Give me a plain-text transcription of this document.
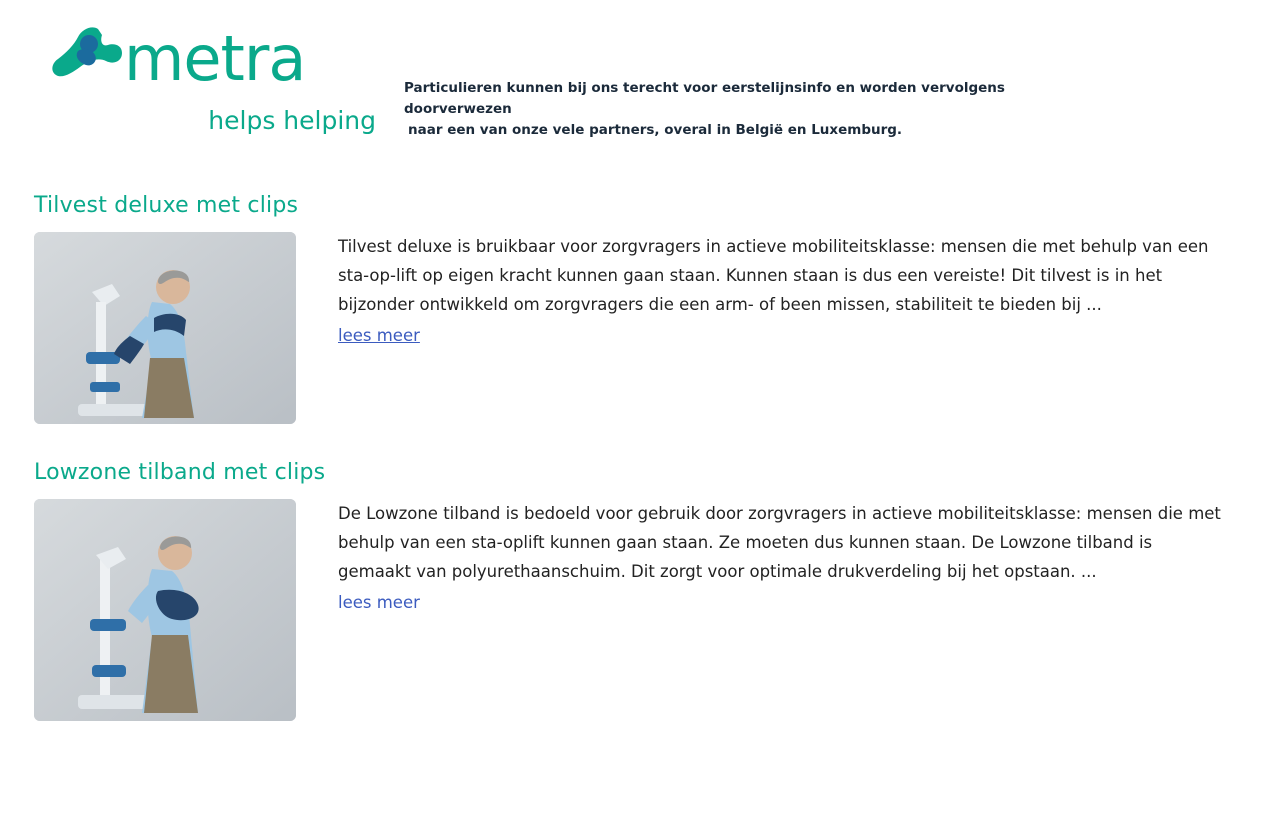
metra
helps helping
Particulieren kunnen bij ons terecht voor eerstelijnsinfo en worden vervolgens doorverwezen
naar een van onze vele partners, overal in België en Luxemburg.
Tilvest deluxe met clips

Tilvest deluxe is bruikbaar voor zorgvragers in actieve mobiliteitsklasse: mensen die met behulp van een sta-op-lift op eigen kracht kunnen gaan staan. Kunnen staan is dus een vereiste! Dit tilvest is in het bijzonder ontwikkeld om zorgvragers die een arm- of been missen, stabiliteit te bieden bij ...

lees meer
Lowzone tilband met clips

De Lowzone tilband is bedoeld voor gebruik door zorgvragers in actieve mobiliteitsklasse: mensen die met behulp van een sta-oplift kunnen gaan staan. Ze moeten dus kunnen staan. De Lowzone tilband is gemaakt van polyurethaanschuim. Dit zorgt voor optimale drukverdeling bij het opstaan. ...

lees meer
